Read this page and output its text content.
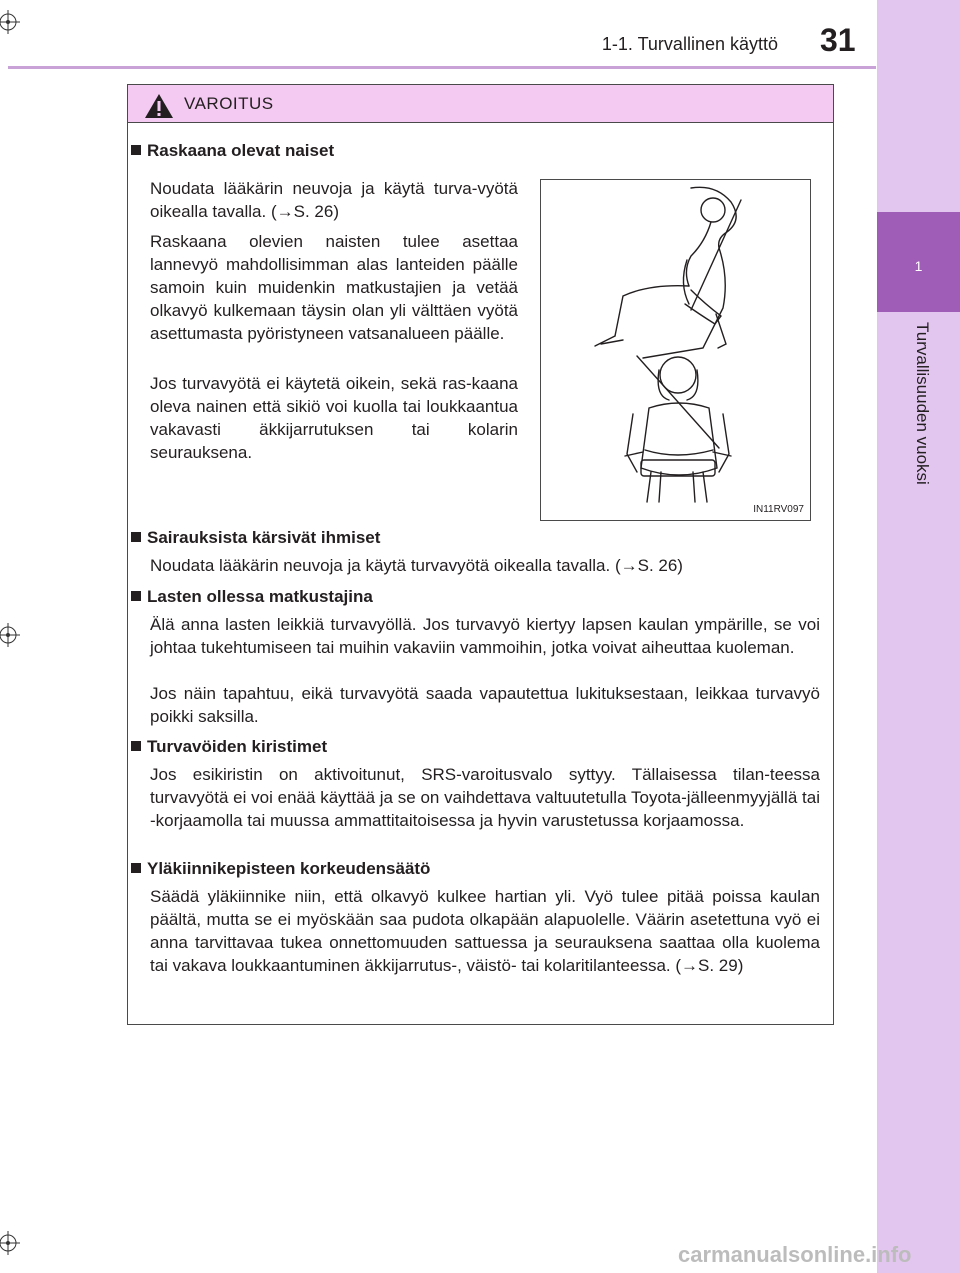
1
Turvallisuuden vuoksi
1-1. Turvallinen käyttö 31
VAROITUS
Raskaana olevat naiset
Noudata lääkärin neuvoja ja käytä turva-vyötä oikealla tavalla. (→S. 26)
Raskaana olevien naisten tulee asettaa lannevyö mahdollisimman alas lanteiden päälle samoin kuin muidenkin matkustajien ja vetää olkavyö kulkemaan täysin olan yli välttäen vyötä asettumasta pyöristyneen vatsanalueen päälle.
Jos turvavyötä ei käytetä oikein, sekä ras-kaana oleva nainen että sikiö voi kuolla tai loukkaantua vakavasti äkkijarrutuksen tai kolarin seurauksena.
IN11RV097
Sairauksista kärsivät ihmiset
Noudata lääkärin neuvoja ja käytä turvavyötä oikealla tavalla. (→S. 26)
Lasten ollessa matkustajina
Älä anna lasten leikkiä turvavyöllä. Jos turvavyö kiertyy lapsen kaulan ympärille, se voi johtaa tukehtumiseen tai muihin vakaviin vammoihin, jotka voivat aiheuttaa kuoleman.
Jos näin tapahtuu, eikä turvavyötä saada vapautettua lukituksestaan, leikkaa turvavyö poikki saksilla.
Turvavöiden kiristimet
Jos esikiristin on aktivoitunut, SRS-varoitusvalo syttyy. Tällaisessa tilan-teessa turvavyötä ei voi enää käyttää ja se on vaihdettava valtuutetulla Toyota-jälleenmyyjällä tai -korjaamolla tai muussa ammattitaitoisessa ja hyvin varustetussa korjaamossa.
Yläkiinnikepisteen korkeudensäätö
Säädä yläkiinnike niin, että olkavyö kulkee hartian yli. Vyö tulee pitää poissa kaulan päältä, mutta se ei myöskään saa pudota olkapään alapuolelle. Väärin asetettuna vyö ei anna tarvittavaa tukea onnettomuuden sattuessa ja seurauksena saattaa olla kuolema tai vakava loukkaantuminen äkkijarrutus-, väistö- tai kolaritilanteessa. (→S. 29)
carmanualsonline.info
